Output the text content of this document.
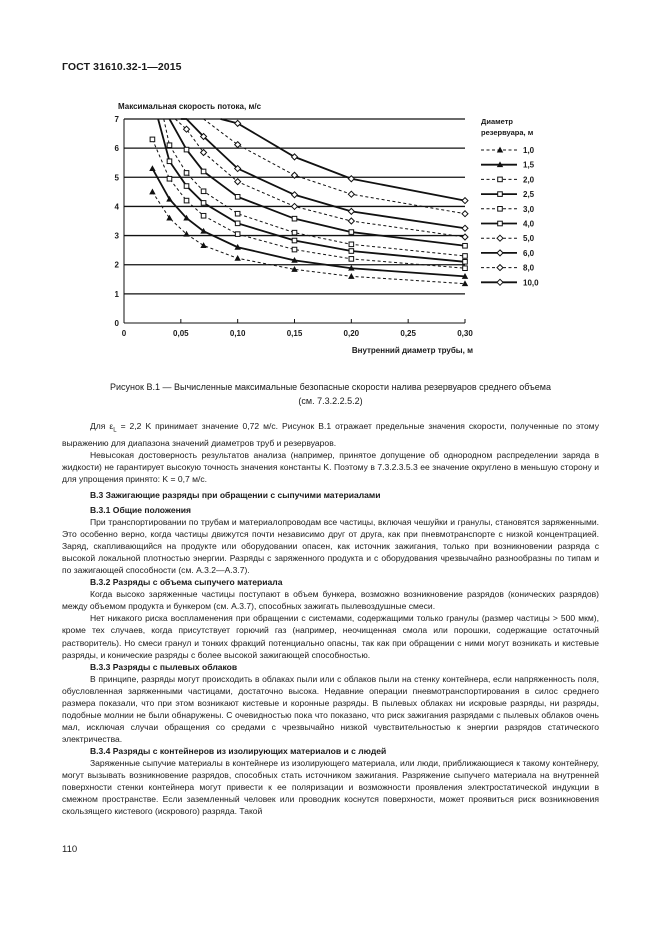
ГОСТ 31610.32-1—2015
0
1
2
3
4
5
6
7
0	0,05	0,10	0,15	0,20	0,25	0,30
1,0
1,5
2,0
2,5
3,0
4,0
5,0
6,0
8,0
10,0
Максимальная скорость потока, м/с
Внутренний диаметр трубы, м
Диаметр
резервуара, м
Рисунок В.1 — Вычисленные максимальные безопасные скорости налива резервуаров среднего объема
(см. 7.3.2.2.5.2)

Для $\varepsilon_L = 2,2$ K принимает значение 0,72 м/с. Рисунок В.1 отражает предельные значения скорости, полученные по этому выражению для диапазона значений диаметров труб и резервуаров.

Невысокая достоверность результатов анализа (например, принятое допущение об однородном распределении заряда в жидкости) не гарантирует высокую точность значения константы K. Поэтому в 7.3.2.3.5.3 ее значение округлено в меньшую сторону и для упрощения принято: K = 0,7 м/с.

В.3 Зажигающие разряды при обращении с сыпучими материалами
В.3.1 Общие положения

При транспортировании по трубам и материалопроводам все частицы, включая чешуйки и гранулы, становятся заряженными. Это особенно верно, когда частицы движутся почти независимо друг от друга, как при пневмотранспорте с низкой концентрацией. Заряд, скапливающийся на продукте или оборудовании опасен, как источник зажигания, только при возникновении разряда с высокой локальной плотностью энергии. Разряды с заряженного продукта и с оборудования чрезвычайно разнообразны по типам и по зажигающей способности (см. А.3.2—А.3.7).

В.3.2 Разряды с объема сыпучего материала

Когда высоко заряженные частицы поступают в объем бункера, возможно возникновение разрядов (конических разрядов) между объемом продукта и бункером (см. А.3.7), способных зажигать пылевоздушные смеси.

Нет никакого риска воспламенения при обращении с системами, содержащими только гранулы (размер частицы > 500 мкм), кроме тех случаев, когда присутствует горючий газ (например, неочищенная смола или порошки, содержащие остаточный растворитель). Но смеси гранул и тонких фракций потенциально опасны, так как при обращении с ними могут возникать и кистевые разряды, и конические разряды с более высокой зажигающей способностью.

В.3.3 Разряды с пылевых облаков

В принципе, разряды могут происходить в облаках пыли или с облаков пыли на стенку контейнера, если напряженность поля, обусловленная заряженными частицами, достаточно высока. Недавние операции пневмотранспортирования в силос среднего размера показали, что при этом возникают кистевые и коронные разряды. В пылевых облаках ни искровые разряды, ни разряды, подобные молнии не были обнаружены. С очевидностью пока что показано, что риск зажигания разрядами с пылевых облаков очень мал, исключая случаи обращения со средами с чрезвычайно низкой чувствительностью к энергии разрядов статического электричества.

В.3.4 Разряды с контейнеров из изолирующих материалов и с людей

Заряженные сыпучие материалы в контейнере из изолирующего материала, или люди, приближающиеся к такому контейнеру, могут вызывать возникновение разрядов, способных стать источником зажигания. Разряжение сыпучего материала на внутренней поверхности стенки контейнера могут привести к ее поляризации и возможности проявления электростатической индукции в смежном пространстве. Если заземленный человек или проводник коснутся поверхности, может проявиться риск возникновения скользящего кистевого (искрового) разряда. Такой

110
